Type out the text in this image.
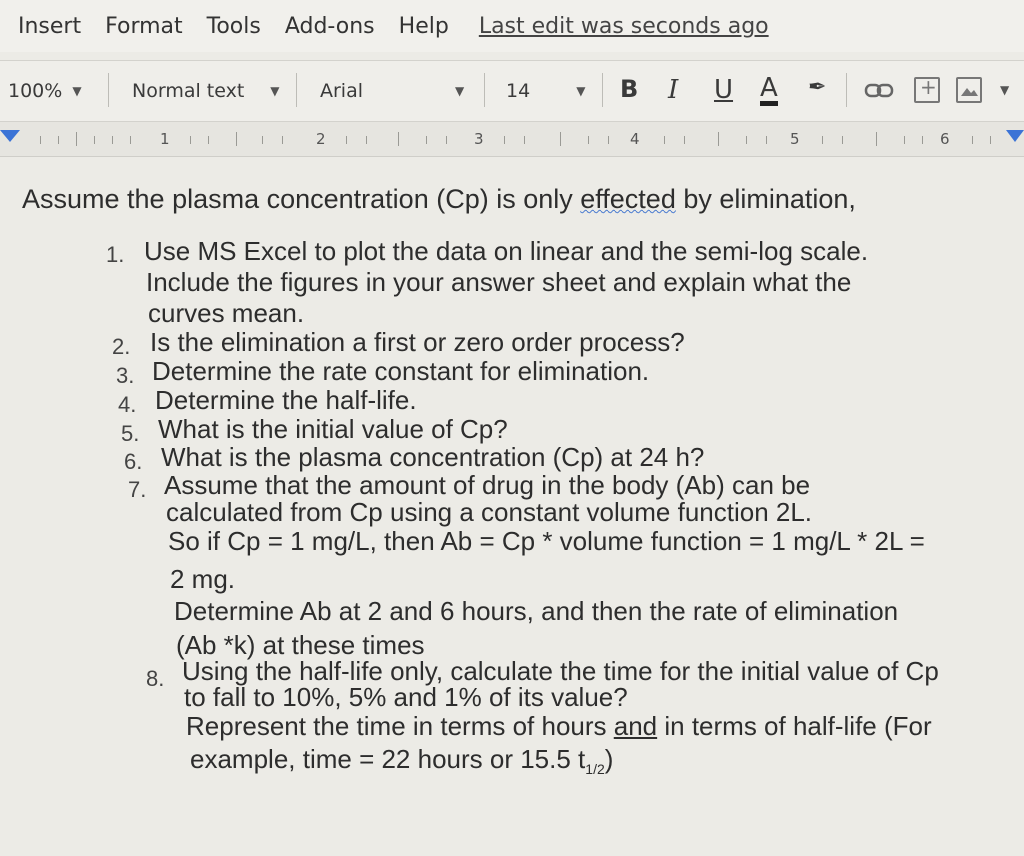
Insert Format Tools Add-ons Help Last edit was seconds ago
100% ▼	Normal text ▼ Arial	▼ 14	▼ B I U A ✒	+	▼
1	2	3	4	5	6
Assume the plasma concentration (Cp) is only effected by elimination,
1. Use MS Excel to plot the data on linear and the semi-log scale.
Include the figures in your answer sheet and explain what the
curves mean.
2. Is the elimination a first or zero order process?
3. Determine the rate constant for elimination.
4. Determine the half-life.
5. What is the initial value of Cp?
6. What is the plasma concentration (Cp) at 24 h?
7. Assume that the amount of drug in the body (Ab) can be
calculated from Cp using a constant volume function 2L.
So if Cp = 1 mg/L, then Ab = Cp * volume function = 1 mg/L * 2L =
2 mg.
Determine Ab at 2 and 6 hours, and then the rate of elimination
(Ab *k) at these times
8. Using the half-life only, calculate the time for the initial value of Cp
to fall to 10%, 5% and 1% of its value?
Represent the time in terms of hours and in terms of half-life (For
example, time = 22 hours or 15.5 $t_{1/2}$)
